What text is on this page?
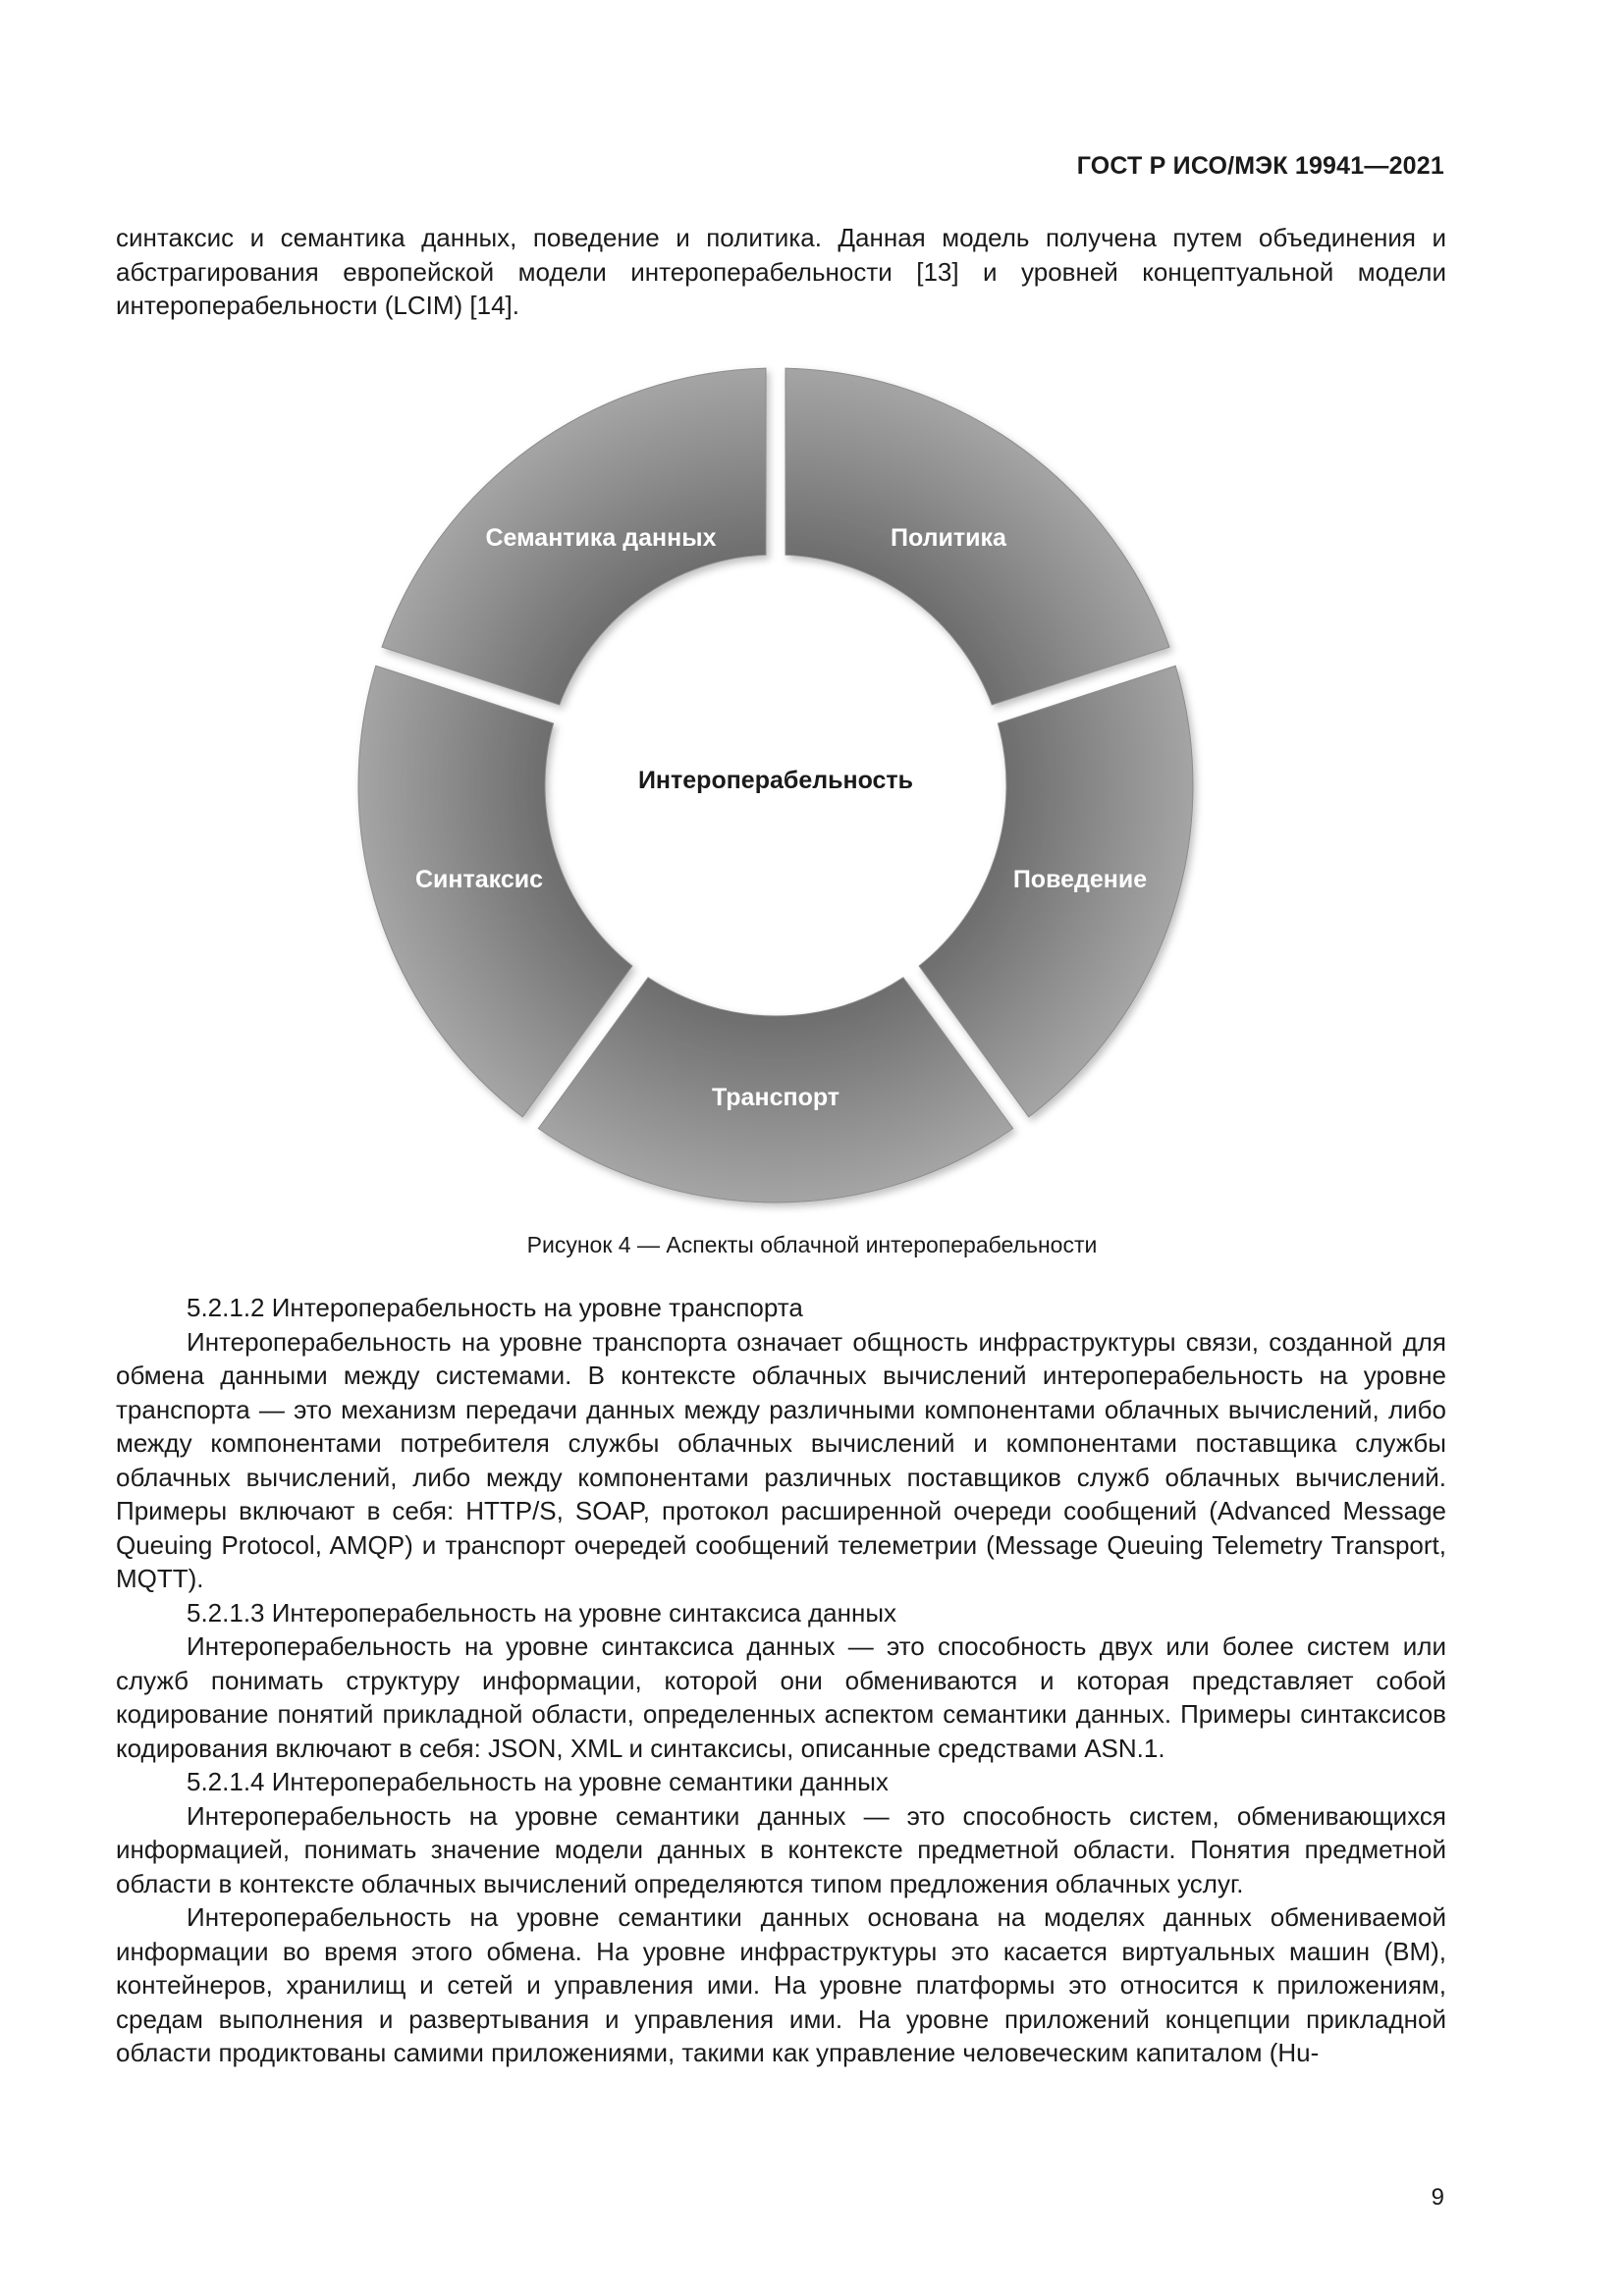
ГОСТ Р ИСО/МЭК 19941—2021

синтаксис и семантика данных, поведение и политика. Данная модель получена путем объединения и абстрагирования европейской модели интероперабельности [13] и уровней концептуальной модели интероперабельности (LCIM) [14].

Интероперабельность
Семантика данных	Политика
Синтаксис	Поведение
Транспорт
Рисунок 4 — Аспекты облачной интероперабельности

5.2.1.2 Интероперабельность на уровне транспорта

Интероперабельность на уровне транспорта означает общность инфраструктуры связи, созданной для обмена данными между системами. В контексте облачных вычислений интероперабельность на уровне транспорта — это механизм передачи данных между различными компонентами облачных вычислений, либо между компонентами потребителя службы облачных вычислений и компонентами поставщика службы облачных вычислений, либо между компонентами различных поставщиков служб облачных вычислений. Примеры включают в себя: HTTP/S, SOAP, протокол расширенной очереди сообщений (Advanced Message Queuing Protocol, AMQP) и транспорт очередей сообщений телеметрии (Message Queuing Telemetry Transport, MQTT).

5.2.1.3 Интероперабельность на уровне синтаксиса данных

Интероперабельность на уровне синтаксиса данных — это способность двух или более систем или служб понимать структуру информации, которой они обмениваются и которая представляет собой кодирование понятий прикладной области, определенных аспектом семантики данных. Примеры синтаксисов кодирования включают в себя: JSON, XML и синтаксисы, описанные средствами ASN.1.

5.2.1.4 Интероперабельность на уровне семантики данных

Интероперабельность на уровне семантики данных — это способность систем, обменивающихся информацией, понимать значение модели данных в контексте предметной области. Понятия предметной области в контексте облачных вычислений определяются типом предложения облачных услуг.

Интероперабельность на уровне семантики данных основана на моделях данных обмениваемой информации во время этого обмена. На уровне инфраструктуры это касается виртуальных машин (ВМ), контейнеров, хранилищ и сетей и управления ими. На уровне платформы это относится к приложениям, средам выполнения и развертывания и управления ими. На уровне приложений концепции прикладной области продиктованы самими приложениями, такими как управление человеческим капиталом (Hu-

9
